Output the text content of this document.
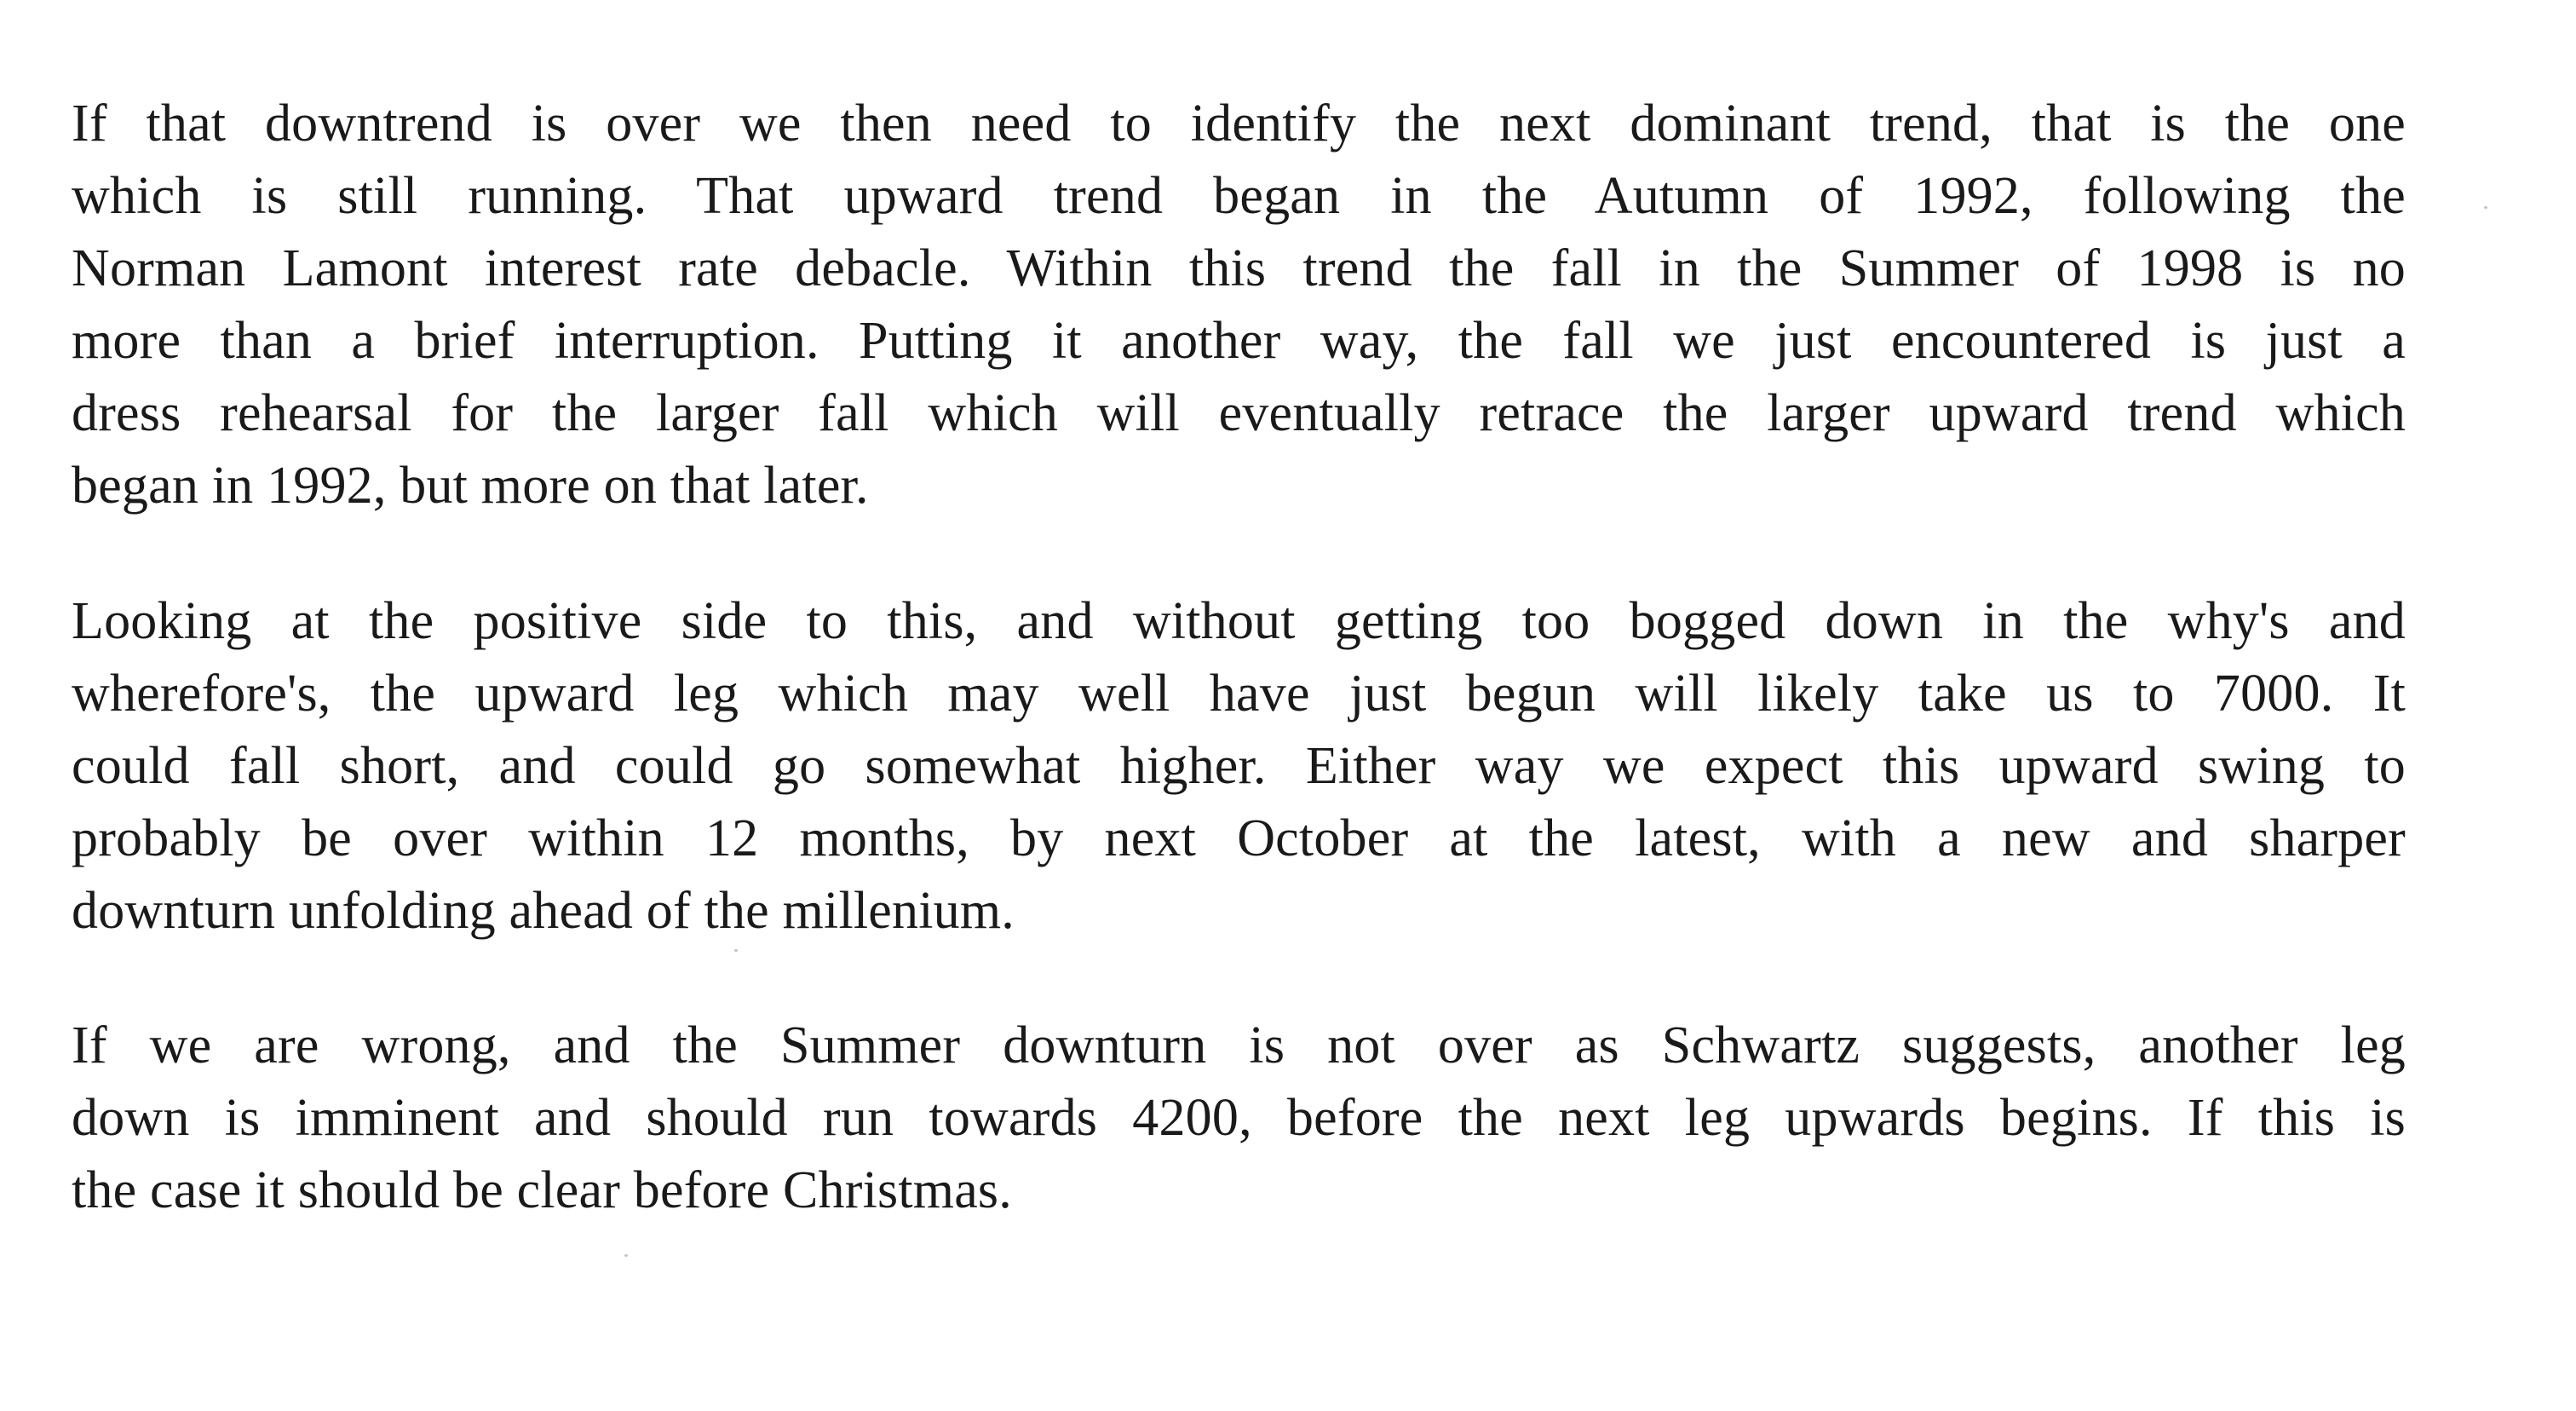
If that downtrend is over we then need to identify the next dominant trend, that is the one
which is still running. That upward trend began in the Autumn of 1992, following the
Norman Lamont interest rate debacle. Within this trend the fall in the Summer of 1998 is no
more than a brief interruption. Putting it another way, the fall we just encountered is just a
dress rehearsal for the larger fall which will eventually retrace the larger upward trend which
began in 1992, but more on that later.
Looking at the positive side to this, and without getting too bogged down in the why's and
wherefore's, the upward leg which may well have just begun will likely take us to 7000. It
could fall short, and could go somewhat higher. Either way we expect this upward swing to
probably be over within 12 months, by next October at the latest, with a new and sharper
downturn unfolding ahead of the millenium.
If we are wrong, and the Summer downturn is not over as Schwartz suggests, another leg
down is imminent and should run towards 4200, before the next leg upwards begins. If this is
the case it should be clear before Christmas.
